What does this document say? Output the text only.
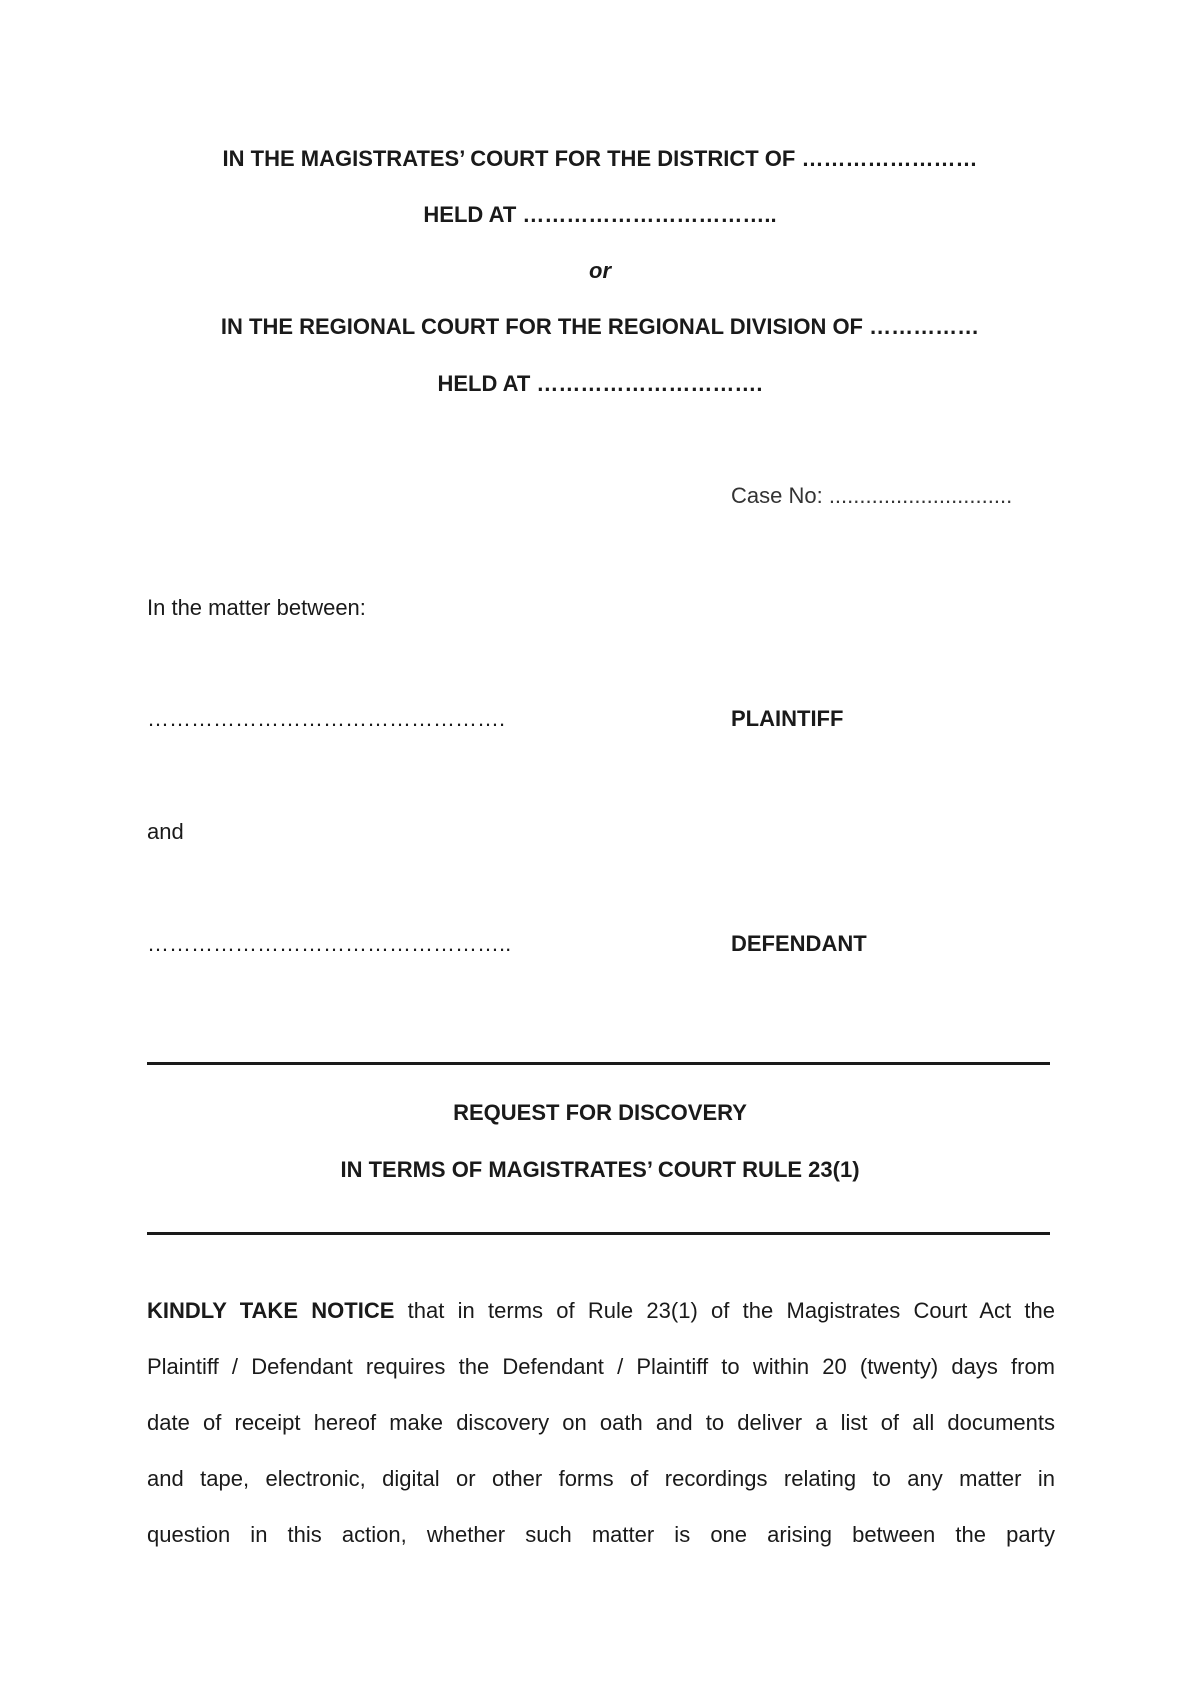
IN THE MAGISTRATES’ COURT FOR THE DISTRICT OF ……………………
HELD AT ……………………………..
or
IN THE REGIONAL COURT FOR THE REGIONAL DIVISION OF ……………
HELD AT ………………………….
Case No: ..............................
In the matter between:
………………………………………….	PLAINTIFF
and
…………………………………………..	DEFENDANT
REQUEST FOR DISCOVERY
IN TERMS OF MAGISTRATES’ COURT RULE 23(1)
KINDLY TAKE NOTICE that in terms of Rule 23(1) of the Magistrates Court Act the
Plaintiff / Defendant requires the Defendant / Plaintiff to within 20 (twenty) days from
date of receipt hereof make discovery on oath and to deliver a list of all documents
and tape, electronic, digital or other forms of recordings relating to any matter in
question in this action, whether such matter is one arising between the party
